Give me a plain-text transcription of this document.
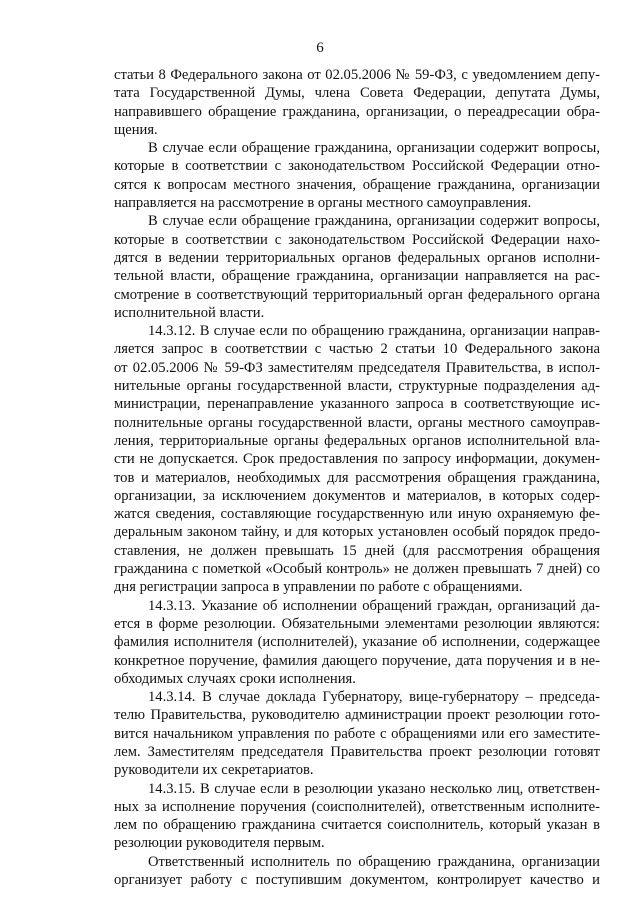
6
статьи 8 Федерального закона от 02.05.2006 № 59-ФЗ, с уведомлением депу-
тата Государственной Думы, члена Совета Федерации, депутата Думы,
направившего обращение гражданина, организации, о переадресации обра-
щения.
В случае если обращение гражданина, организации содержит вопросы,
которые в соответствии с законодательством Российской Федерации отно-
сятся к вопросам местного значения, обращение гражданина, организации
направляется на рассмотрение в органы местного самоуправления.
В случае если обращение гражданина, организации содержит вопросы,
которые в соответствии с законодательством Российской Федерации нахо-
дятся в ведении территориальных органов федеральных органов исполни-
тельной власти, обращение гражданина, организации направляется на рас-
смотрение в соответствующий территориальный орган федерального органа
исполнительной власти.
14.3.12. В случае если по обращению гражданина, организации направ-
ляется запрос в соответствии с частью 2 статьи 10 Федерального закона
от 02.05.2006 № 59-ФЗ заместителям председателя Правительства, в испол-
нительные органы государственной власти, структурные подразделения ад-
министрации, перенаправление указанного запроса в соответствующие ис-
полнительные органы государственной власти, органы местного самоуправ-
ления, территориальные органы федеральных органов исполнительной вла-
сти не допускается. Срок предоставления по запросу информации, докумен-
тов и материалов, необходимых для рассмотрения обращения гражданина,
организации, за исключением документов и материалов, в которых содер-
жатся сведения, составляющие государственную или иную охраняемую фе-
деральным законом тайну, и для которых установлен особый порядок предо-
ставления, не должен превышать 15 дней (для рассмотрения обращения
гражданина с пометкой «Особый контроль» не должен превышать 7 дней) со
дня регистрации запроса в управлении по работе с обращениями.
14.3.13. Указание об исполнении обращений граждан, организаций да-
ется в форме резолюции. Обязательными элементами резолюции являются:
фамилия исполнителя (исполнителей), указание об исполнении, содержащее
конкретное поручение, фамилия дающего поручение, дата поручения и в не-
обходимых случаях сроки исполнения.
14.3.14. В случае доклада Губернатору, вице-губернатору – председа-
телю Правительства, руководителю администрации проект резолюции гото-
вится начальником управления по работе с обращениями или его заместите-
лем. Заместителям председателя Правительства проект резолюции готовят
руководители их секретариатов.
14.3.15. В случае если в резолюции указано несколько лиц, ответствен-
ных за исполнение поручения (соисполнителей), ответственным исполните-
лем по обращению гражданина считается соисполнитель, который указан в
резолюции руководителя первым.
Ответственный исполнитель по обращению гражданина, организации
организует работу с поступившим документом, контролирует качество и
